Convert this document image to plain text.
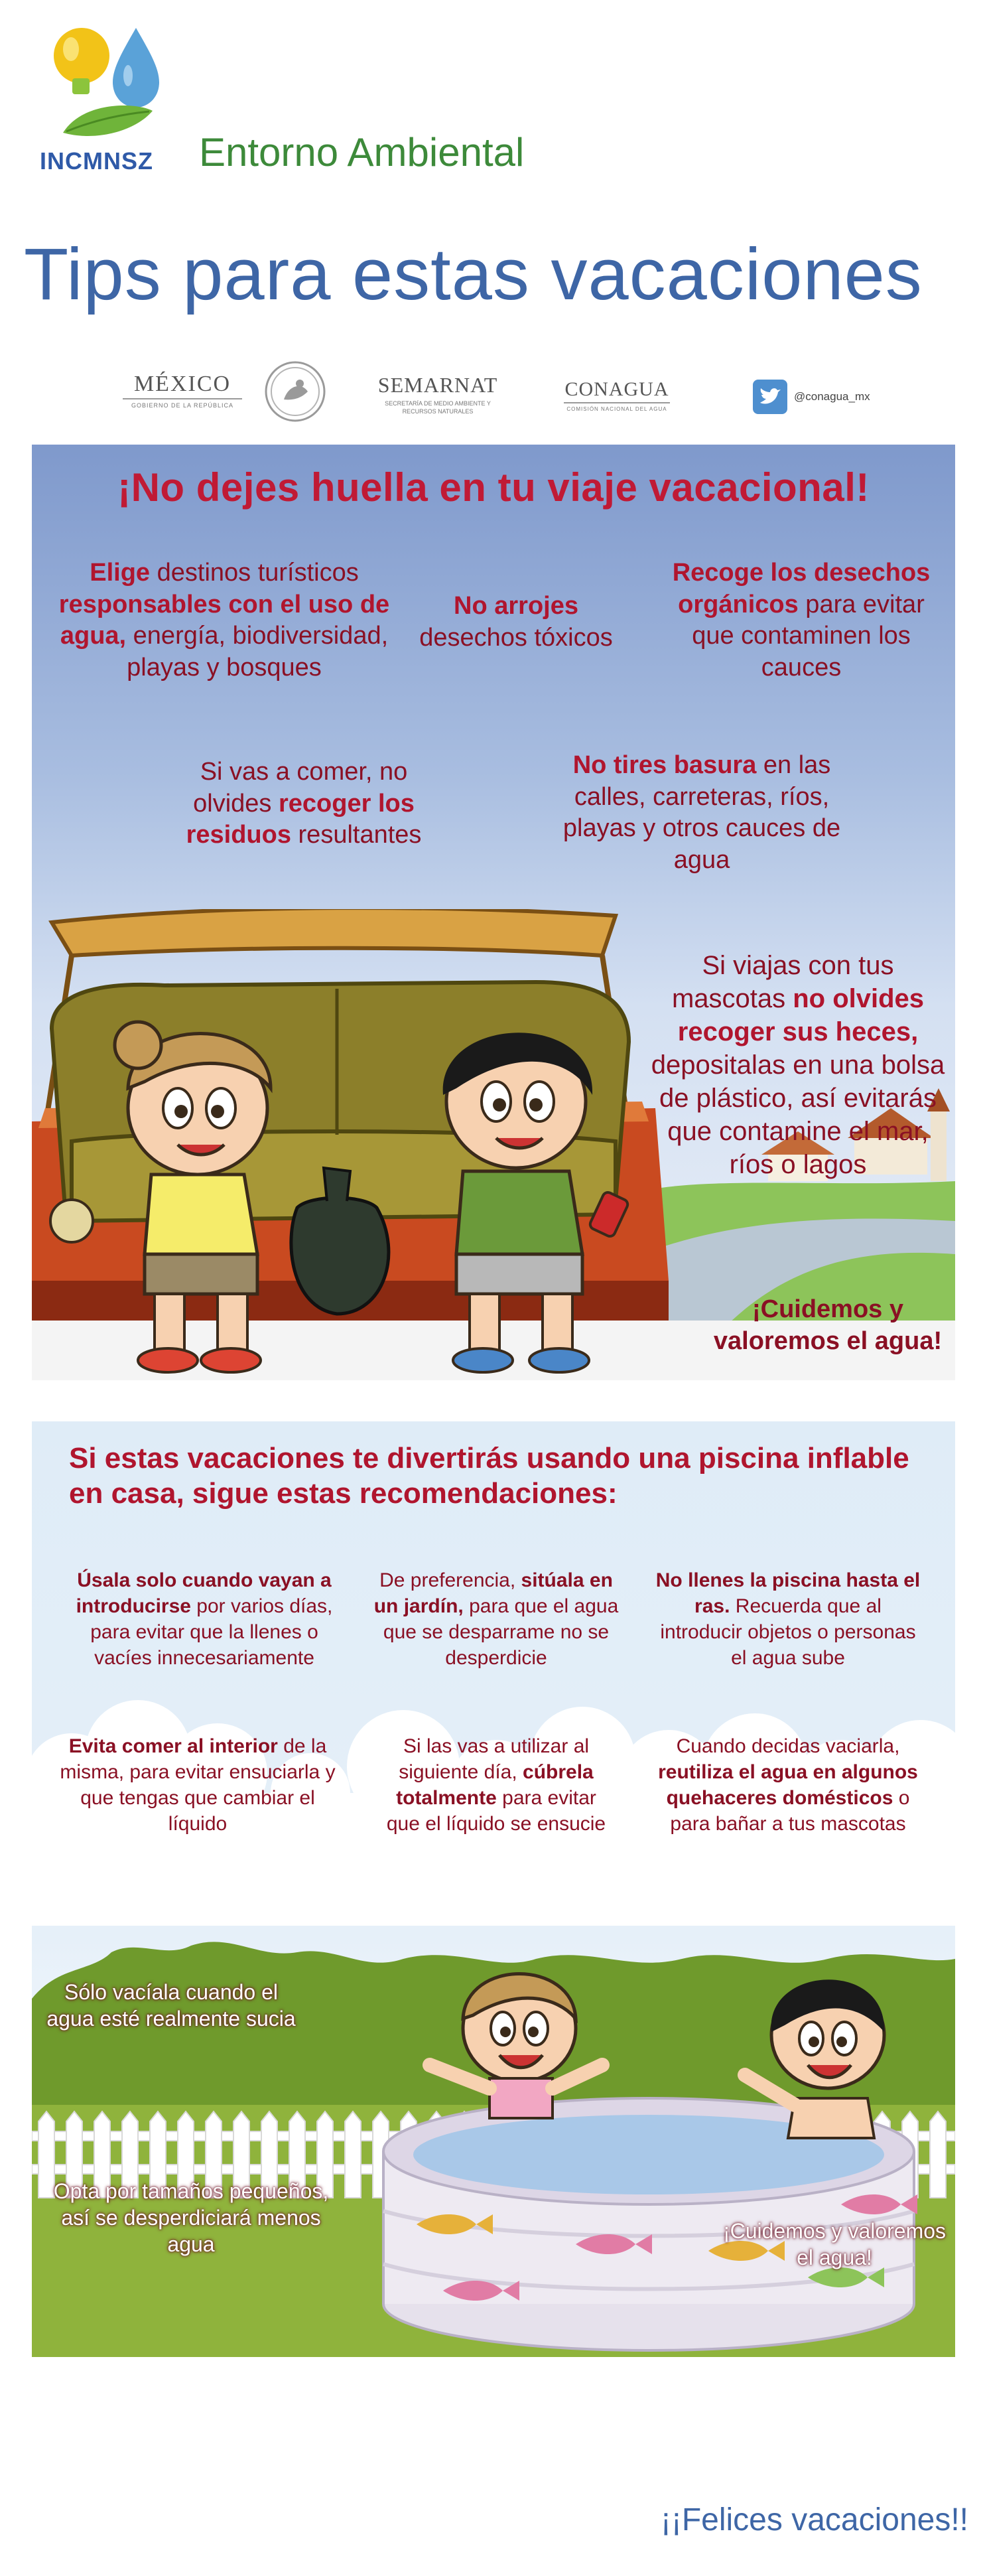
INCMNSZ	Entorno Ambiental
Tips para estas vacaciones
MÉXICO
GOBIERNO DE LA REPÚBLICA
SEMARNAT
SECRETARÍA DE MEDIO AMBIENTE Y RECURSOS NATURALES
CONAGUA
COMISIÓN NACIONAL DEL AGUA
@conagua_mx
¡No dejes huella en tu viaje vacacional!
Elige destinos turísticos responsables con el uso de agua, energía, biodiversidad, playas y bosques
No arrojes
desechos tóxicos
Recoge los desechos orgánicos para evitar que contaminen los cauces
Si vas a comer, no olvides recoger los residuos resultantes
No tires basura en las calles, carreteras, ríos, playas y otros cauces de agua
Si viajas con tus mascotas no olvides recoger sus heces, depositalas en una bolsa de plástico, así evitarás que contamine el mar, ríos o lagos
¡Cuidemos y valoremos el agua!
Si estas vacaciones te divertirás usando una piscina inflable en casa, sigue estas recomendaciones:
Úsala solo cuando vayan a introducirse por varios días, para evitar que la llenes o vacíes innecesariamente
De preferencia, sitúala en un jardín, para que el agua que se desparrame no se desperdicie
No llenes la piscina hasta el ras. Recuerda que al introducir objetos o personas el agua sube
Evita comer al interior de la misma, para evitar ensuciarla y que tengas que cambiar el líquido
Si las vas a utilizar al siguiente día, cúbrela totalmente para evitar que el líquido se ensucie
Cuando decidas vaciarla, reutiliza el agua en algunos quehaceres domésticos o para bañar a tus mascotas
Sólo vacíala cuando el agua esté realmente sucia
Opta por tamaños pequeños, así se desperdiciará menos agua
¡Cuidemos y valoremos el agua!
¡¡Felices vacaciones!!
